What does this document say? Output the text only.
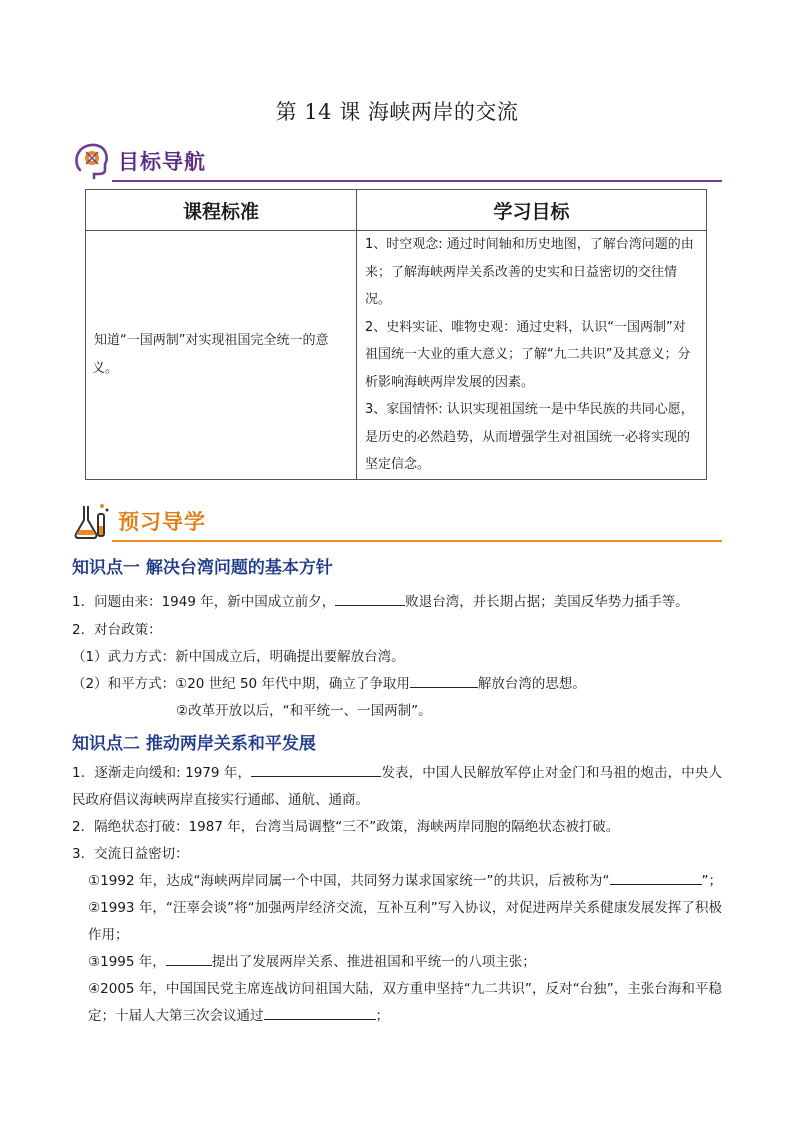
第 14 课 海峡两岸的交流
目标导航
课程标准	学习目标
知道“一国两制”对实现祖国完全统一的意义。	1、时空观念: 通过时间轴和历史地图，了解台湾问题的由来；了解海峡两岸关系改善的史实和日益密切的交往情况。
2、史料实证、唯物史观：通过史料，认识“一国两制”对祖国统一大业的重大意义；了解“九二共识”及其意义；分析影响海峡两岸发展的因素。
3、家国情怀: 认识实现祖国统一是中华民族的共同心愿，是历史的必然趋势，从而增强学生对祖国统一必将实现的坚定信念。
预习导学
知识点一 解决台湾问题的基本方针
1．问题由来：1949 年，新中国成立前夕，	败退台湾，并长期占据；美国反华势力插手等。
2．对台政策：
（1）武力方式：新中国成立后，明确提出要解放台湾。
（2）和平方式：①20 世纪 50 年代中期，确立了争取用	解放台湾的思想。
②改革开放以后，“和平统一、一国两制”。
知识点二 推动两岸关系和平发展
1．逐渐走向缓和: 1979 年，	发表，中国人民解放军停止对金门和马祖的炮击，中央人民政府倡议海峡两岸直接实行通邮、通航、通商。
2．隔绝状态打破：1987 年，台湾当局调整“三不”政策，海峡两岸同胞的隔绝状态被打破。
3．交流日益密切：
①1992 年，达成“海峡两岸同属一个中国，共同努力谋求国家统一”的共识，后被称为“	”；②1993 年，“汪辜会谈”将“加强两岸经济交流，互补互利”写入协议，对促进两岸关系健康发展发挥了积极作用；
③1995 年，	提出了发展两岸关系、推进祖国和平统一的八项主张；
④2005 年，中国国民党主席连战访问祖国大陆，双方重申坚持“九二共识”，反对“台独”，主张台海和平稳定；十届人大第三次会议通过	；
